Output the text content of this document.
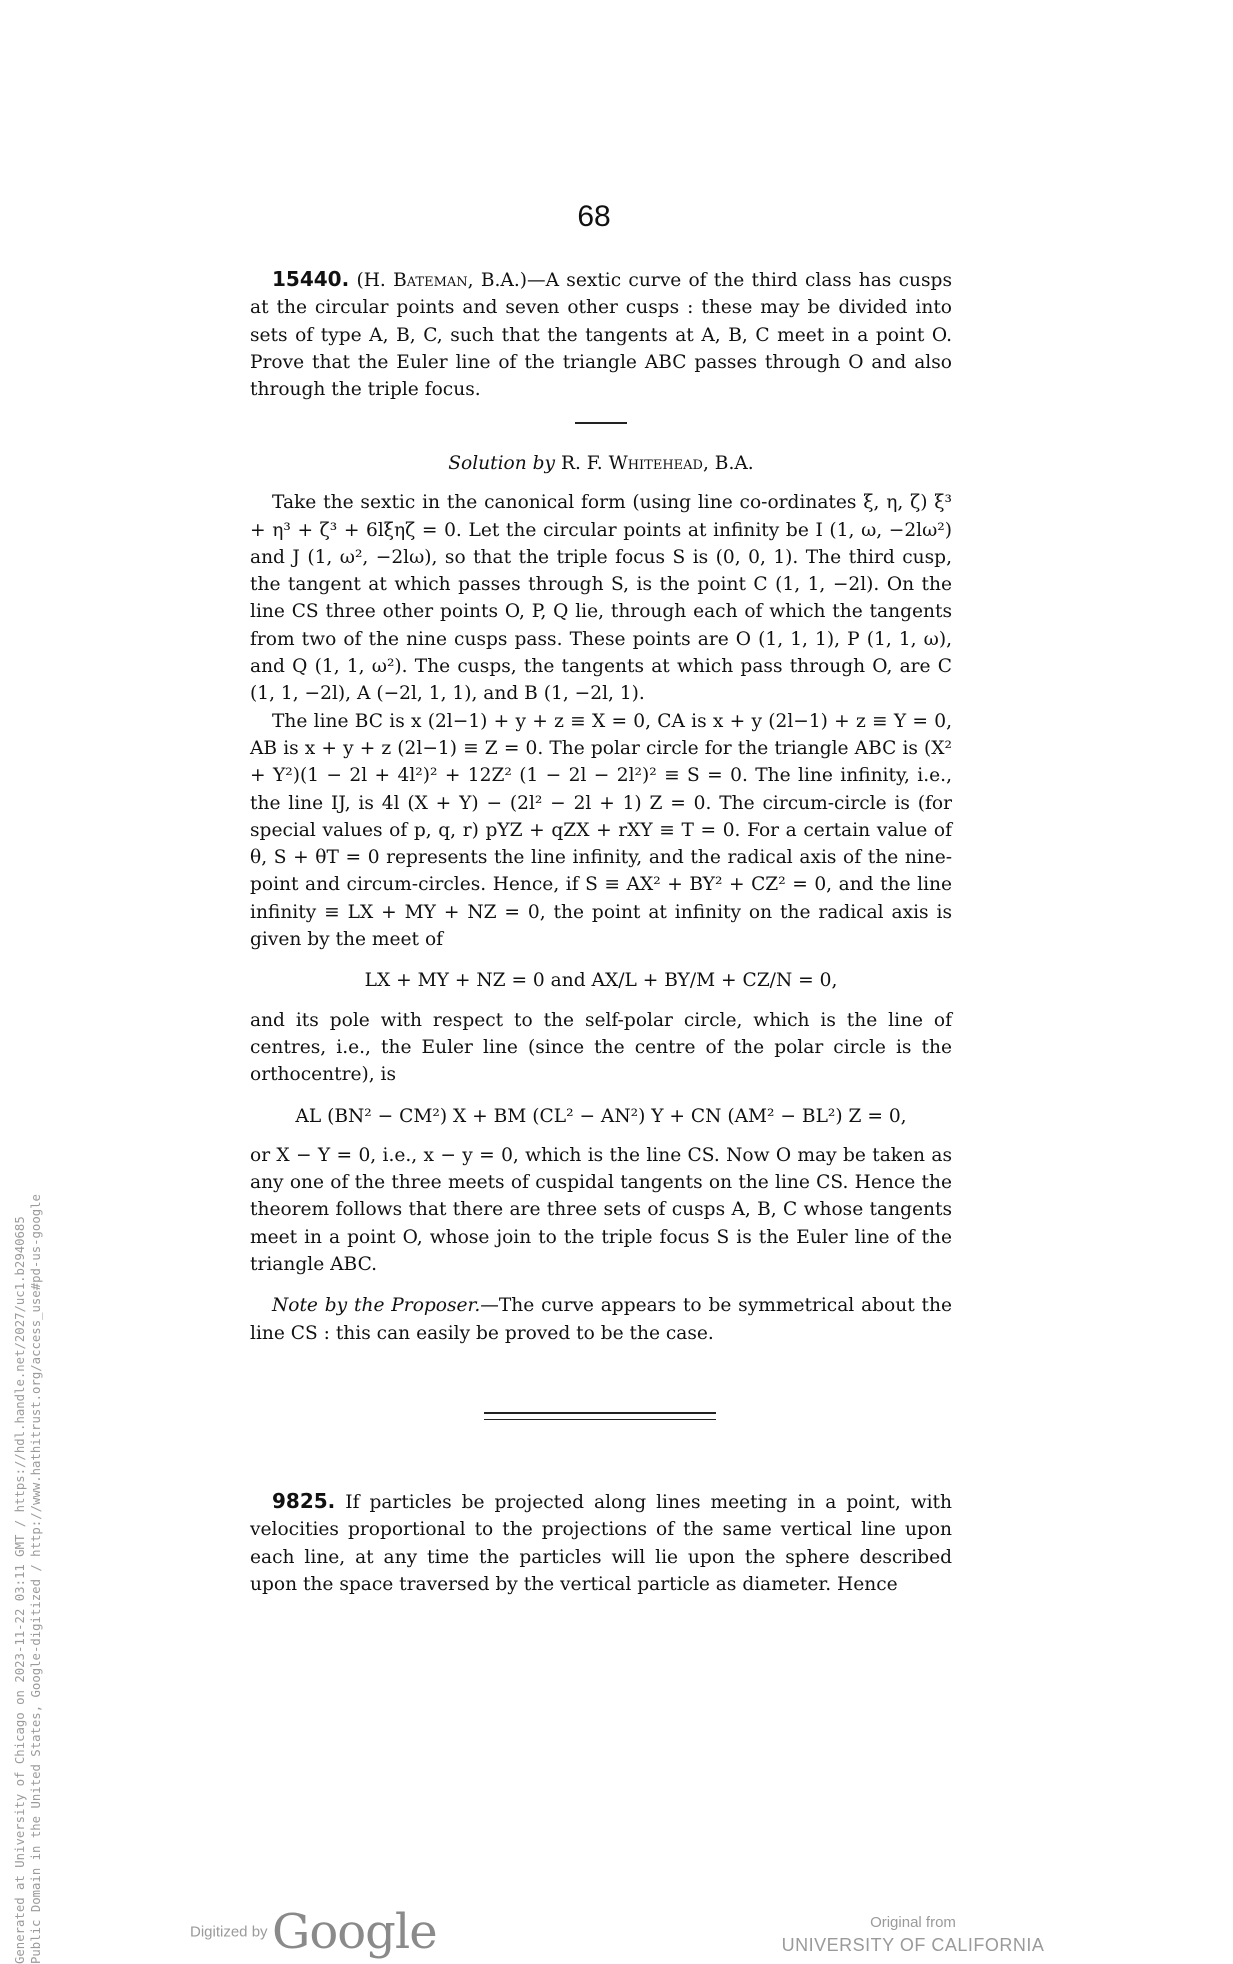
68

15440. (H. Bateman, B.A.)—A sextic curve of the third class has cusps at the circular points and seven other cusps : these may be divided into sets of type A, B, C, such that the tangents at A, B, C meet in a point O. Prove that the Euler line of the triangle ABC passes through O and also through the triple focus.

Solution by R. F. Whitehead, B.A.

Take the sextic in the canonical form (using line co-ordinates ξ, η, ζ) ξ³ + η³ + ζ³ + 6lξηζ = 0. Let the circular points at infinity be I (1, ω, −2lω²) and J (1, ω², −2lω), so that the triple focus S is (0, 0, 1). The third cusp, the tangent at which passes through S, is the point C (1, 1, −2l). On the line CS three other points O, P, Q lie, through each of which the tangents from two of the nine cusps pass. These points are O (1, 1, 1), P (1, 1, ω), and Q (1, 1, ω²). The cusps, the tangents at which pass through O, are C (1, 1, −2l), A (−2l, 1, 1), and B (1, −2l, 1).

The line BC is x (2l−1) + y + z ≡ X = 0, CA is x + y (2l−1) + z ≡ Y = 0, AB is x + y + z (2l−1) ≡ Z = 0. The polar circle for the triangle ABC is (X² + Y²)(1 − 2l + 4l²)² + 12Z² (1 − 2l − 2l²)² ≡ S = 0. The line infinity, i.e., the line IJ, is 4l (X + Y) − (2l² − 2l + 1) Z = 0. The circum-circle is (for special values of p, q, r) pYZ + qZX + rXY ≡ T = 0. For a certain value of θ, S + θT = 0 represents the line infinity, and the radical axis of the nine-point and circum-circles. Hence, if S ≡ AX² + BY² + CZ² = 0, and the line infinity ≡ LX + MY + NZ = 0, the point at infinity on the radical axis is given by the meet of

LX + MY + NZ = 0 and AX/L + BY/M + CZ/N = 0,

and its pole with respect to the self-polar circle, which is the line of centres, i.e., the Euler line (since the centre of the polar circle is the orthocentre), is

AL (BN² − CM²) X + BM (CL² − AN²) Y + CN (AM² − BL²) Z = 0,

or X − Y = 0, i.e., x − y = 0, which is the line CS. Now O may be taken as any one of the three meets of cuspidal tangents on the line CS. Hence the theorem follows that there are three sets of cusps A, B, C whose tangents meet in a point O, whose join to the triple focus S is the Euler line of the triangle ABC.

Note by the Proposer.—The curve appears to be symmetrical about the line CS : this can easily be proved to be the case.

9825. If particles be projected along lines meeting in a point, with velocities proportional to the projections of the same vertical line upon each line, at any time the particles will lie upon the sphere described upon the space traversed by the vertical particle as diameter. Hence

Generated at University of Chicago on 2023-11-22 03:11 GMT / https://hdl.handle.net/2027/uc1.b2940685 Public Domain in the United States, Google-digitized / http://www.hathitrust.org/access_use#pd-us-google	Digitized by Google	Original from
UNIVERSITY OF CALIFORNIA
